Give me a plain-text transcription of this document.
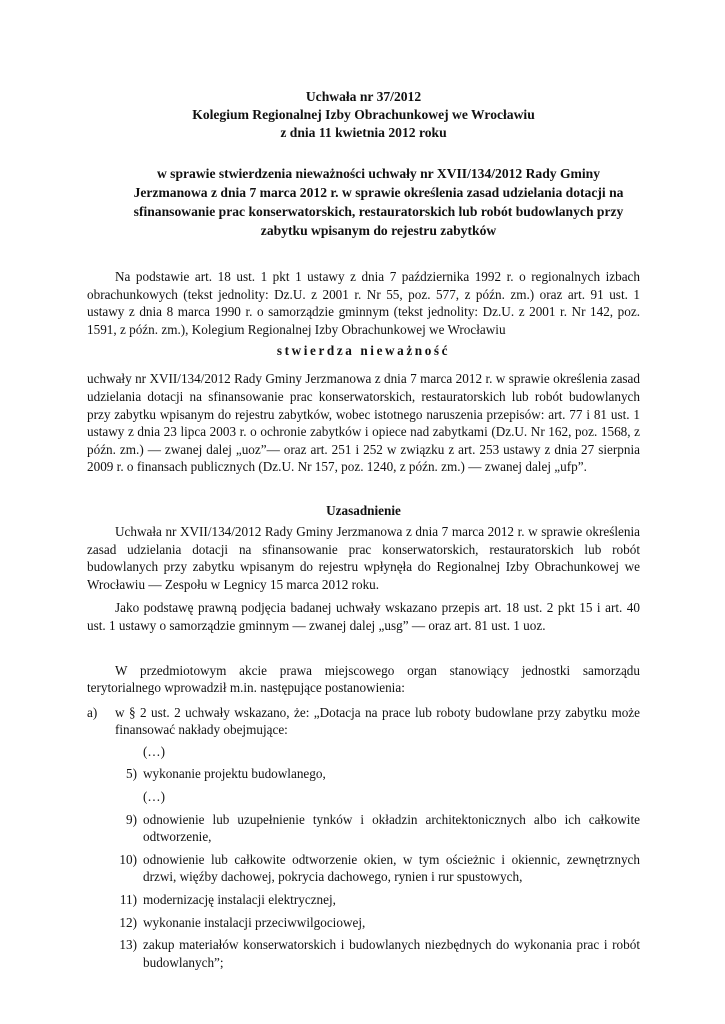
Uchwała nr 37/2012
Kolegium Regionalnej Izby Obrachunkowej we Wrocławiu
z dnia 11 kwietnia 2012 roku
w sprawie stwierdzenia nieważności uchwały nr XVII/134/2012 Rady Gminy Jerzmanowa z dnia 7 marca 2012 r. w sprawie określenia zasad udzielania dotacji na sfinansowanie prac konserwatorskich, restauratorskich lub robót budowlanych przy zabytku wpisanym do rejestru zabytków

Na podstawie art. 18 ust. 1 pkt 1 ustawy z dnia 7 października 1992 r. o regionalnych izbach obrachunkowych (tekst jednolity: Dz.U. z 2001 r. Nr 55, poz. 577, z późn. zm.) oraz art. 91 ust. 1 ustawy z dnia 8 marca 1990 r. o samorządzie gminnym (tekst jednolity: Dz.U. z 2001 r. Nr 142, poz. 1591, z późn. zm.), Kolegium Regionalnej Izby Obrachunkowej we Wrocławiu

stwierdza nieważność

uchwały nr XVII/134/2012 Rady Gminy Jerzmanowa z dnia 7 marca 2012 r. w sprawie określenia zasad udzielania dotacji na sfinansowanie prac konserwatorskich, restauratorskich lub robót budowlanych przy zabytku wpisanym do rejestru zabytków, wobec istotnego naruszenia przepisów: art. 77 i 81 ust. 1 ustawy z dnia 23 lipca 2003 r. o ochronie zabytków i opiece nad zabytkami (Dz.U. Nr 162, poz. 1568, z późn. zm.) — zwanej dalej „uoz”— oraz art. 251 i 252 w związku z art. 253 ustawy z dnia 27 sierpnia 2009 r. o finansach publicznych (Dz.U. Nr 157, poz. 1240, z późn. zm.) — zwanej dalej „ufp”.

Uzasadnienie

Uchwała nr XVII/134/2012 Rady Gminy Jerzmanowa z dnia 7 marca 2012 r. w sprawie określenia zasad udzielania dotacji na sfinansowanie prac konserwatorskich, restauratorskich lub robót budowlanych przy zabytku wpisanym do rejestru wpłynęła do Regionalnej Izby Obrachunkowej we Wrocławiu — Zespołu w Legnicy 15 marca 2012 roku.

Jako podstawę prawną podjęcia badanej uchwały wskazano przepis art. 18 ust. 2 pkt 15 i art. 40 ust. 1 ustawy o samorządzie gminnym — zwanej dalej „usg” — oraz art. 81 ust. 1 uoz.

W przedmiotowym akcie prawa miejscowego organ stanowiący jednostki samorządu terytorialnego wprowadził m.in. następujące postanowienia:

a) w § 2 ust. 2 uchwały wskazano, że: „Dotacja na prace lub roboty budowlane przy zabytku może finansować nakłady obejmujące:
(…)
5) wykonanie projektu budowlanego,
(…)
9) odnowienie lub uzupełnienie tynków i okładzin architektonicznych albo ich całkowite odtworzenie,
10) odnowienie lub całkowite odtworzenie okien, w tym ościeżnic i okiennic, zewnętrznych drzwi, więźby dachowej, pokrycia dachowego, rynien i rur spustowych,
11) modernizację instalacji elektrycznej,
12) wykonanie instalacji przeciwwilgociowej,
13) zakup materiałów konserwatorskich i budowlanych niezbędnych do wykonania prac i robót budowlanych”;
